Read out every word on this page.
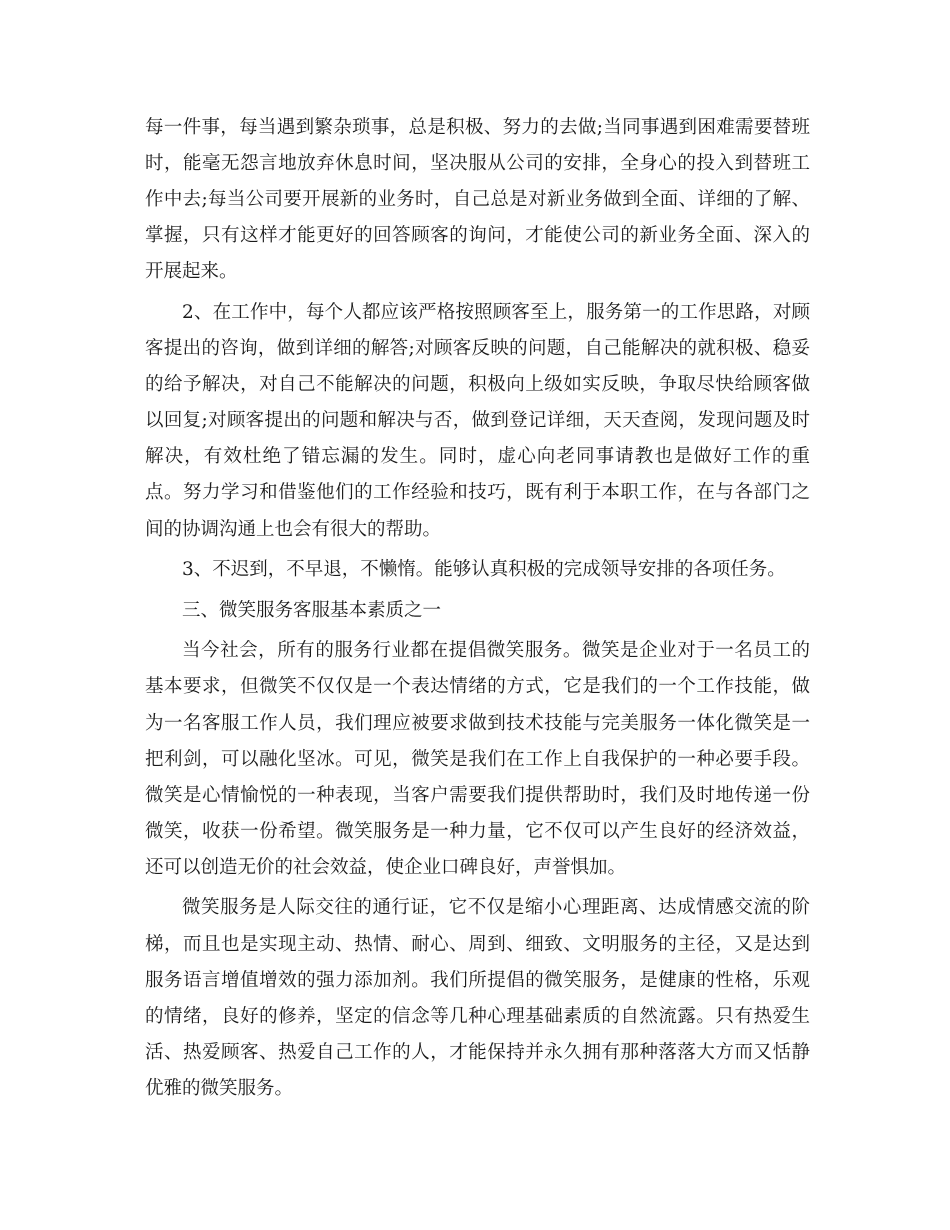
每一件事，每当遇到繁杂琐事，总是积极、努力的去做;当同事遇到困难需要替班时，能毫无怨言地放弃休息时间，坚决服从公司的安排，全身心的投入到替班工作中去;每当公司要开展新的业务时，自己总是对新业务做到全面、详细的了解、掌握，只有这样才能更好的回答顾客的询问，才能使公司的新业务全面、深入的开展起来。

2、在工作中，每个人都应该严格按照顾客至上，服务第一的工作思路，对顾客提出的咨询，做到详细的解答;对顾客反映的问题，自己能解决的就积极、稳妥的给予解决，对自己不能解决的问题，积极向上级如实反映，争取尽快给顾客做以回复;对顾客提出的问题和解决与否，做到登记详细，天天查阅，发现问题及时解决，有效杜绝了错忘漏的发生。同时，虚心向老同事请教也是做好工作的重点。努力学习和借鉴他们的工作经验和技巧，既有利于本职工作，在与各部门之间的协调沟通上也会有很大的帮助。

3、不迟到，不早退，不懒惰。能够认真积极的完成领导安排的各项任务。

三、微笑服务客服基本素质之一

当今社会，所有的服务行业都在提倡微笑服务。微笑是企业对于一名员工的基本要求，但微笑不仅仅是一个表达情绪的方式，它是我们的一个工作技能，做为一名客服工作人员，我们理应被要求做到技术技能与完美服务一体化微笑是一把利剑，可以融化坚冰。可见，微笑是我们在工作上自我保护的一种必要手段。微笑是心情愉悦的一种表现，当客户需要我们提供帮助时，我们及时地传递一份微笑，收获一份希望。微笑服务是一种力量，它不仅可以产生良好的经济效益，还可以创造无价的社会效益，使企业口碑良好，声誉惧加。

微笑服务是人际交往的通行证，它不仅是缩小心理距离、达成情感交流的阶梯，而且也是实现主动、热情、耐心、周到、细致、文明服务的主径，又是达到服务语言增值增效的强力添加剂。我们所提倡的微笑服务，是健康的性格，乐观的情绪，良好的修养，坚定的信念等几种心理基础素质的自然流露。只有热爱生活、热爱顾客、热爱自己工作的人，才能保持并永久拥有那种落落大方而又恬静优雅的微笑服务。
